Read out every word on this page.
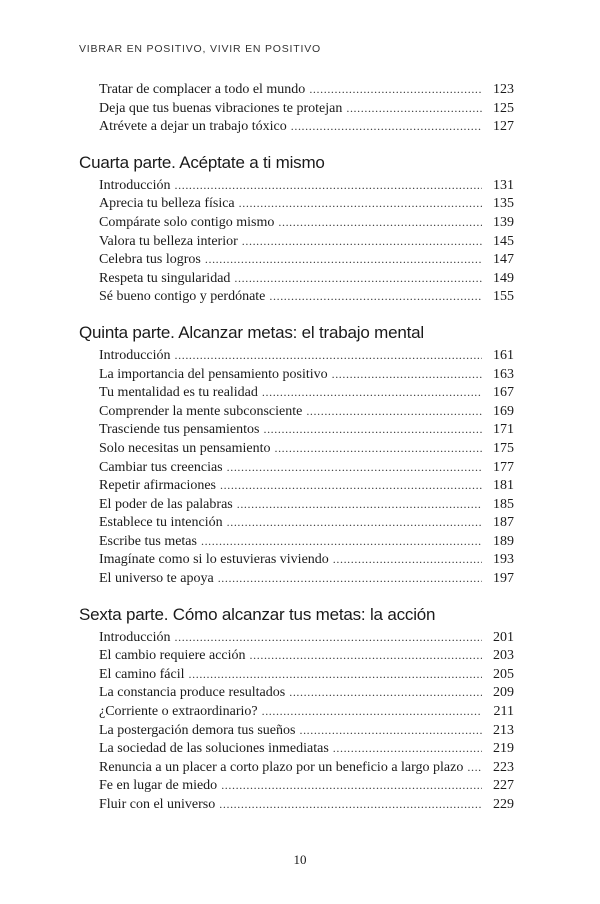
VIBRAR EN POSITIVO, VIVIR EN POSITIVO
Tratar de complacer a todo el mundo . . .	123
Deja que tus buenas vibraciones te protejan . . .	125
Atrévete a dejar un trabajo tóxico . . .	127
Cuarta parte. Acéptate a ti mismo
Introducción . . .	131
Aprecia tu belleza física . . .	135
Compárate solo contigo mismo . . .	139
Valora tu belleza interior . . .	145
Celebra tus logros . . .	147
Respeta tu singularidad . . .	149
Sé bueno contigo y perdónate . . .	155
Quinta parte. Alcanzar metas: el trabajo mental
Introducción . . .	161
La importancia del pensamiento positivo . . .	163
Tu mentalidad es tu realidad . . .	167
Comprender la mente subconsciente . . .	169
Trasciende tus pensamientos . . .	171
Solo necesitas un pensamiento . . .	175
Cambiar tus creencias . . .	177
Repetir afirmaciones . . .	181
El poder de las palabras . . .	185
Establece tu intención . . .	187
Escribe tus metas . . .	189
Imagínate como si lo estuvieras viviendo . . .	193
El universo te apoya . . .	197
Sexta parte. Cómo alcanzar tus metas: la acción
Introducción . . .	201
El cambio requiere acción . . .	203
El camino fácil . . .	205
La constancia produce resultados . . .	209
¿Corriente o extraordinario? . . .	211
La postergación demora tus sueños . . .	213
La sociedad de las soluciones inmediatas . . .	219
Renuncia a un placer a corto plazo por un beneficio a largo plazo . . .	223
Fe en lugar de miedo . . .	227
Fluir con el universo . . .	229
10
